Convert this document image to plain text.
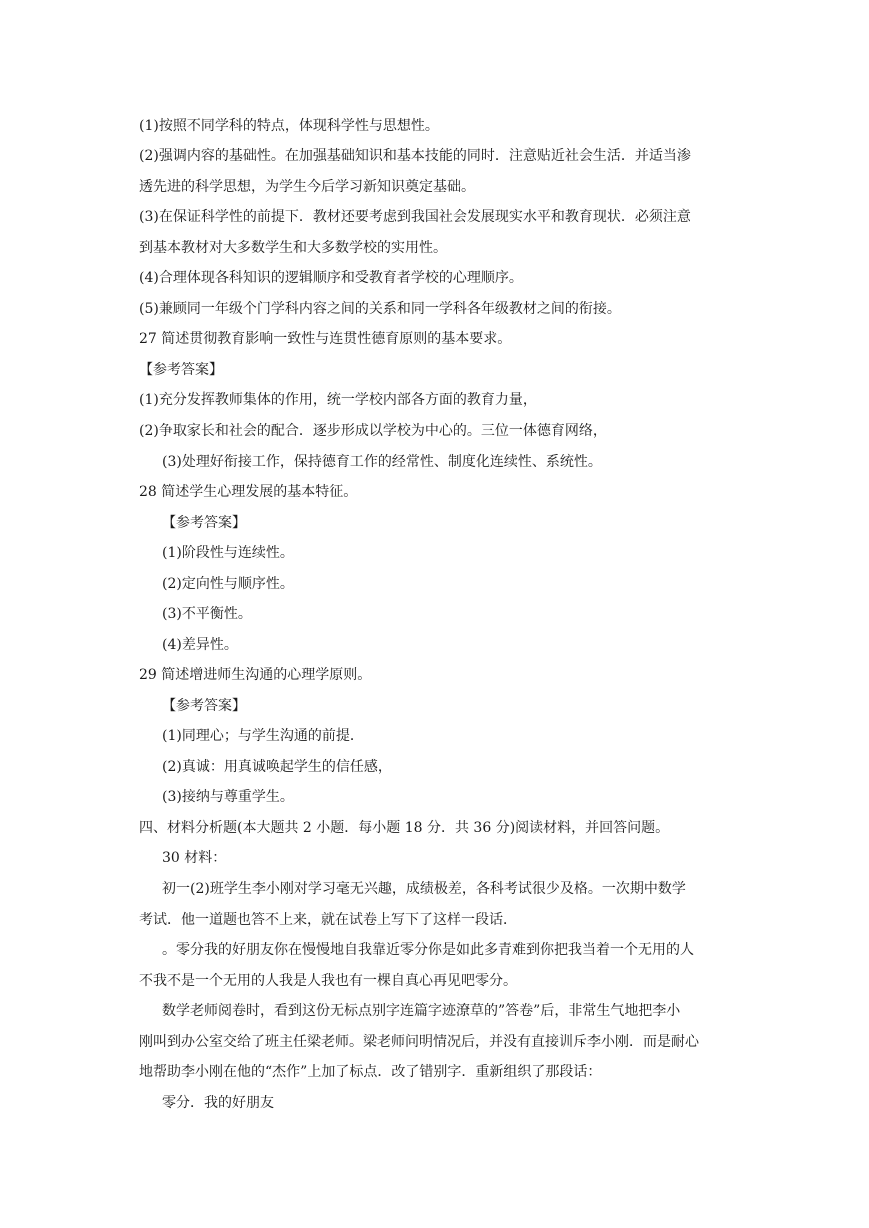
(1)按照不同学科的特点，体现科学性与思想性。
(2)强调内容的基础性。在加强基础知识和基本技能的同时．注意贴近社会生活．并适当渗
透先进的科学思想，为学生今后学习新知识奠定基础。
(3)在保证科学性的前提下．教材还要考虑到我国社会发展现实水平和教育现状．必须注意
到基本教材对大多数学生和大多数学校的实用性。
(4)合理体现各科知识的逻辑顺序和受教育者学校的心理顺序。
(5)兼顾同一年级个门学科内容之间的关系和同一学科各年级教材之间的衔接。
27 简述贯彻教育影响一致性与连贯性德育原则的基本要求。
【参考答案】
(1)充分发挥教师集体的作用，统一学校内部各方面的教育力量，
(2)争取家长和社会的配合．逐步形成以学校为中心的。三位一体德育网络，
(3)处理好衔接工作，保持德育工作的经常性、制度化连续性、系统性。
28 简述学生心理发展的基本特征。
【参考答案】
(1)阶段性与连续性。
(2)定向性与顺序性。
(3)不平衡性。
(4)差异性。
29 简述增进师生沟通的心理学原则。
【参考答案】
(1)同理心；与学生沟通的前提．
(2)真诚：用真诚唤起学生的信任感，
(3)接纳与尊重学生。
四、材料分析题(本大题共 2 小题．每小题 18 分．共 36 分)阅读材料，并回答问题。
30 材料：
初一(2)班学生李小刚对学习毫无兴趣，成绩极差，各科考试很少及格。一次期中数学
考试．他一道题也答不上来，就在试卷上写下了这样一段话．
。零分我的好朋友你在慢慢地自我靠近零分你是如此多青难到你把我当着一个无用的人
不我不是一个无用的人我是人我也有一棵自真心再见吧零分。
数学老师阅卷时，看到这份无标点别字连篇字迹潦草的”答卷”后，非常生气地把李小
刚叫到办公室交给了班主任梁老师。梁老师问明情况后，并没有直接训斥李小刚．而是耐心
地帮助李小刚在他的“杰作”上加了标点．改了错别字．重新组织了那段话：
零分．我的好朋友
